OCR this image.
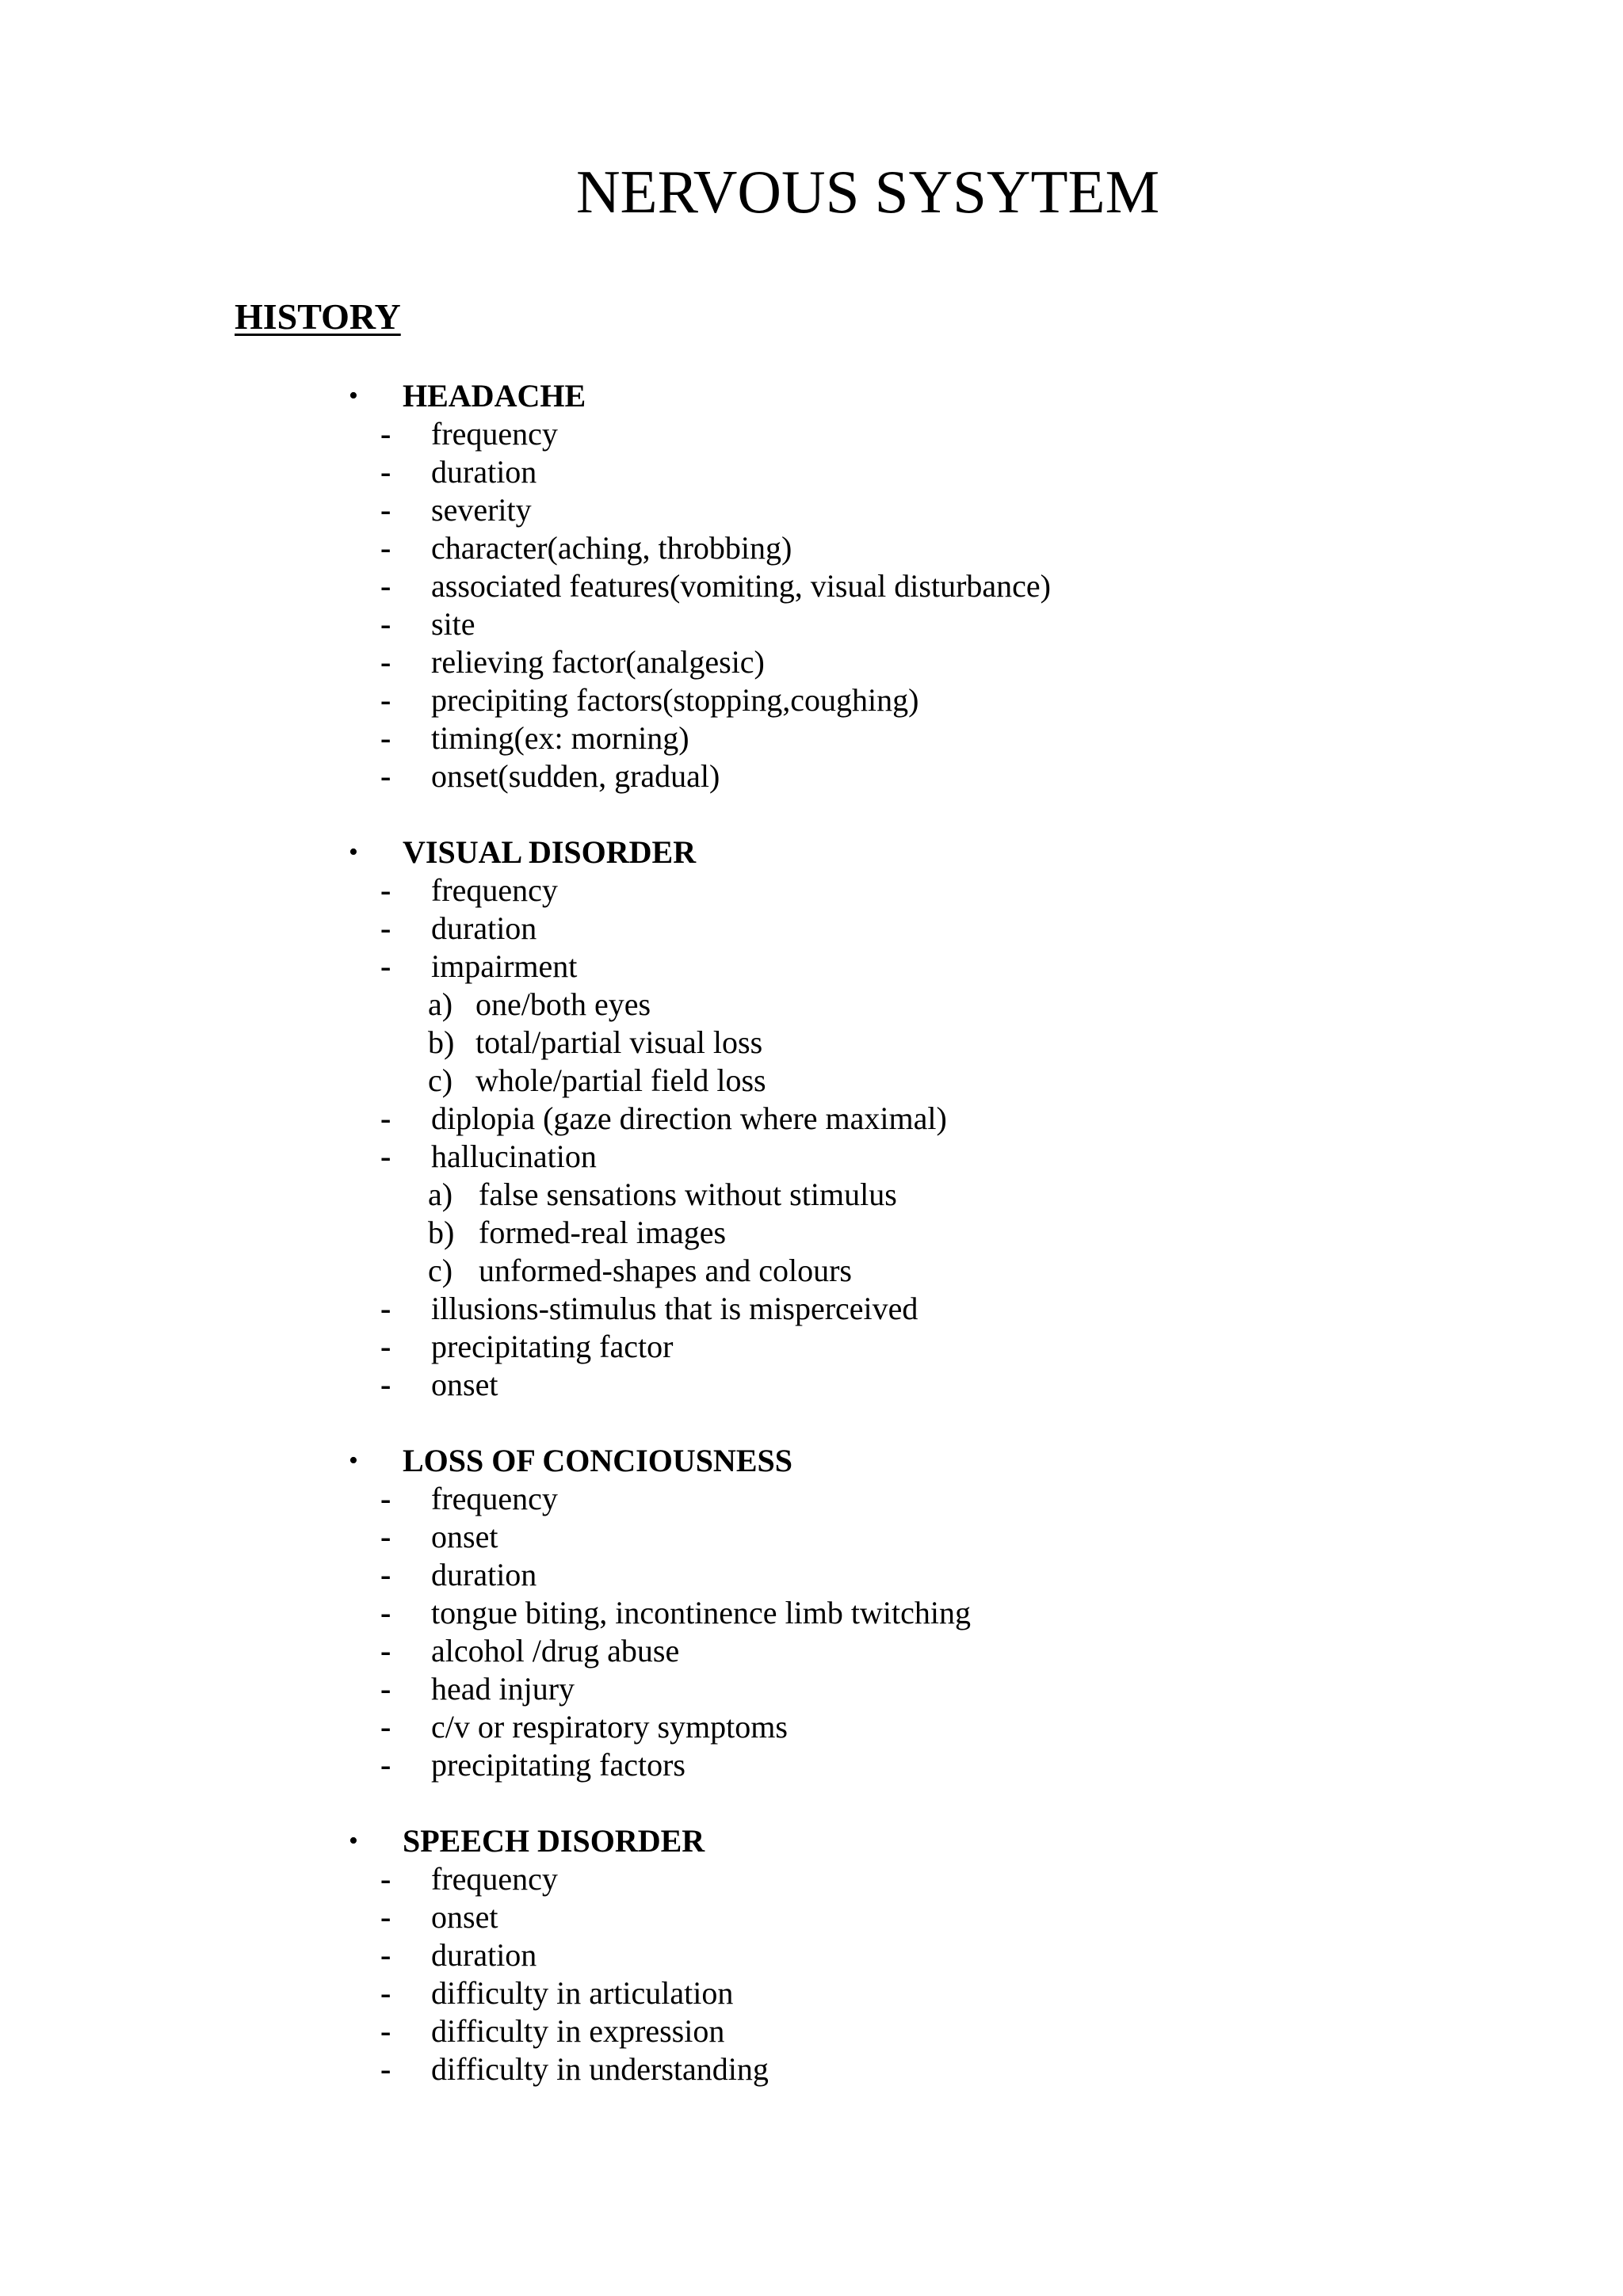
NERVOUS SYSYTEM
HISTORY
• HEADACHE
- frequency
- duration
- severity
- character(aching, throbbing)
- associated features(vomiting, visual disturbance)
- site
- relieving factor(analgesic)
- precipiting factors(stopping,coughing)
- timing(ex: morning)
- onset(sudden, gradual)
• VISUAL DISORDER
- frequency
- duration
- impairment
a) one/both eyes
b) total/partial visual loss
c) whole/partial field loss
- diplopia (gaze direction where maximal)
- hallucination
a) false sensations without stimulus
b) formed-real images
c) unformed-shapes and colours
- illusions-stimulus that is misperceived
- precipitating factor
- onset
• LOSS OF CONCIOUSNESS
- frequency
- onset
- duration
- tongue biting, incontinence limb twitching
- alcohol /drug abuse
- head injury
- c/v or respiratory symptoms
- precipitating factors
• SPEECH DISORDER
- frequency
- onset
- duration
- difficulty in articulation
- difficulty in expression
- difficulty in understanding
